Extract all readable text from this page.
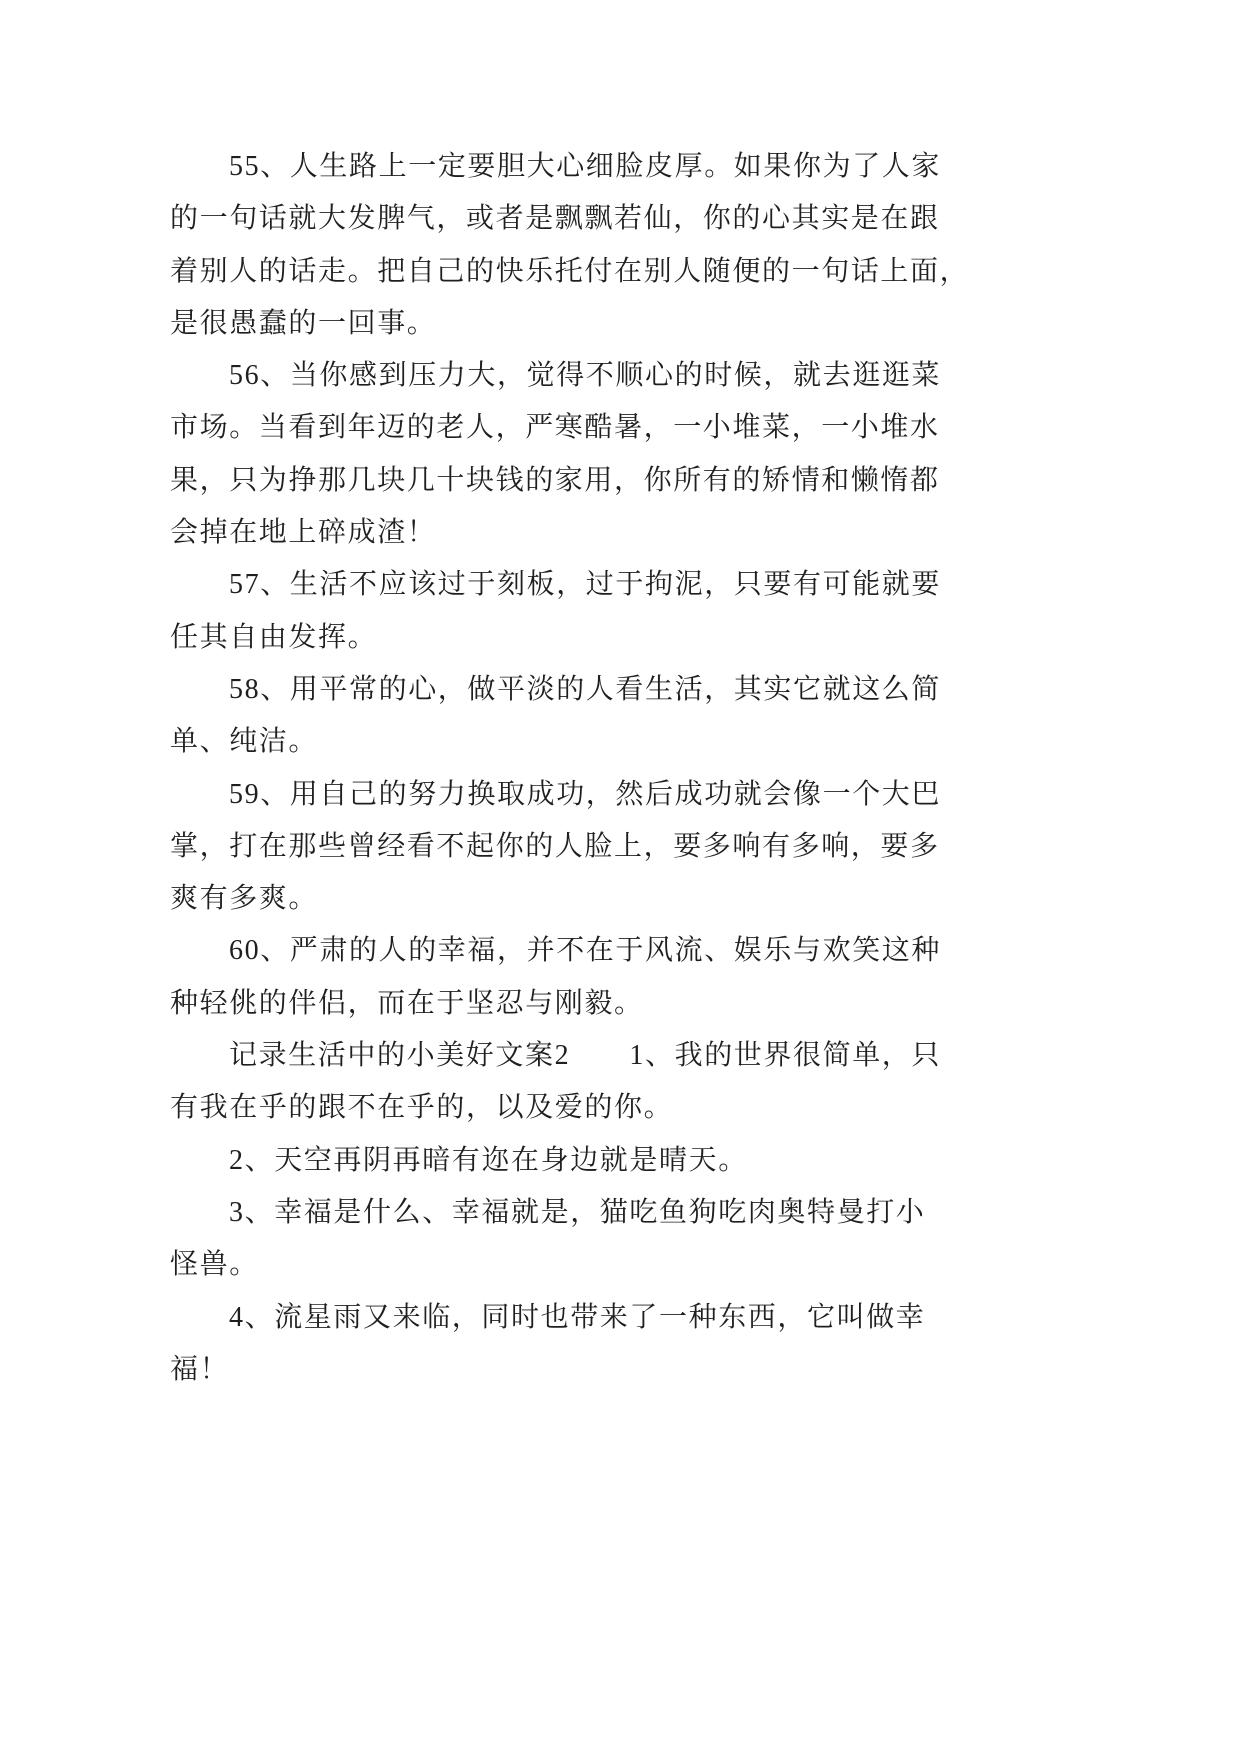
55、人生路上一定要胆大心细脸皮厚。如果你为了人家
的一句话就大发脾气，或者是飘飘若仙，你的心其实是在跟
着别人的话走。把自己的快乐托付在别人随便的一句话上面，
是很愚蠢的一回事。
56、当你感到压力大，觉得不顺心的时候，就去逛逛菜
市场。当看到年迈的老人，严寒酷暑，一小堆菜，一小堆水
果，只为挣那几块几十块钱的家用，你所有的矫情和懒惰都
会掉在地上碎成渣！
57、生活不应该过于刻板，过于拘泥，只要有可能就要
任其自由发挥。
58、用平常的心，做平淡的人看生活，其实它就这么简
单、纯洁。
59、用自己的努力换取成功，然后成功就会像一个大巴
掌，打在那些曾经看不起你的人脸上，要多响有多响，要多
爽有多爽。
60、严肃的人的幸福，并不在于风流、娱乐与欢笑这种
种轻佻的伴侣，而在于坚忍与刚毅。
记录生活中的小美好文案2　　1、我的世界很简单，只
有我在乎的跟不在乎的，以及爱的你。
2、天空再阴再暗有迩在身边就是晴天。
3、幸福是什么、幸福就是，猫吃鱼狗吃肉奥特曼打小
怪兽。
4、流星雨又来临，同时也带来了一种东西，它叫做幸
福！
